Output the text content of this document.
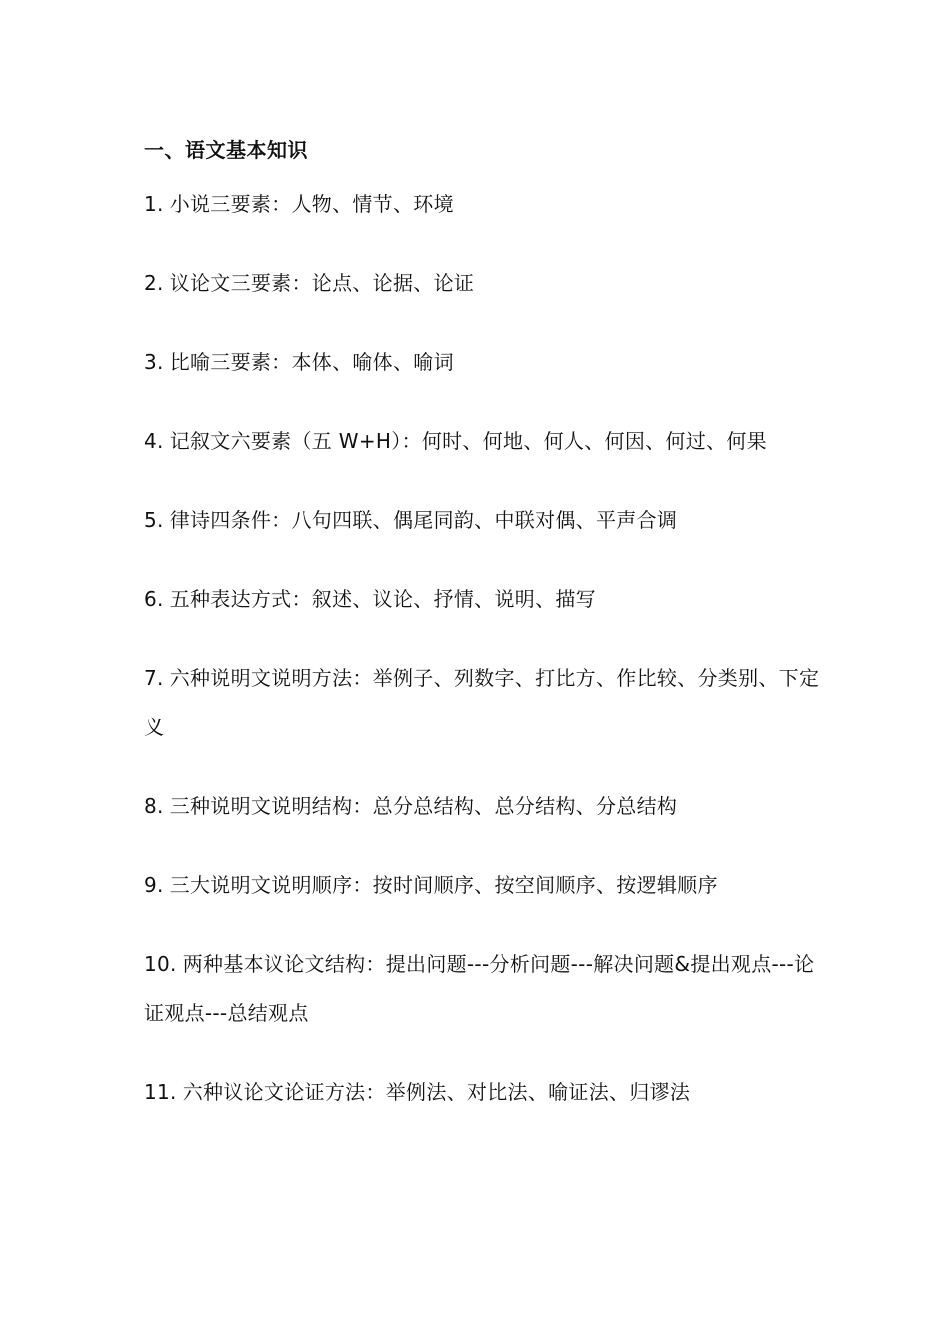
一、语文基本知识
1. 小说三要素：人物、情节、环境
2. 议论文三要素：论点、论据、论证
3. 比喻三要素：本体、喻体、喻词
4. 记叙文六要素（五 W+H）：何时、何地、何人、何因、何过、何果
5. 律诗四条件：八句四联、偶尾同韵、中联对偶、平声合调
6. 五种表达方式：叙述、议论、抒情、说明、描写
7. 六种说明文说明方法：举例子、列数字、打比方、作比较、分类别、下定义
8. 三种说明文说明结构：总分总结构、总分结构、分总结构
9. 三大说明文说明顺序：按时间顺序、按空间顺序、按逻辑顺序
10. 两种基本议论文结构：提出问题---分析问题---解决问题&提出观点---论证观点---总结观点
11. 六种议论文论证方法：举例法、对比法、喻证法、归谬法
